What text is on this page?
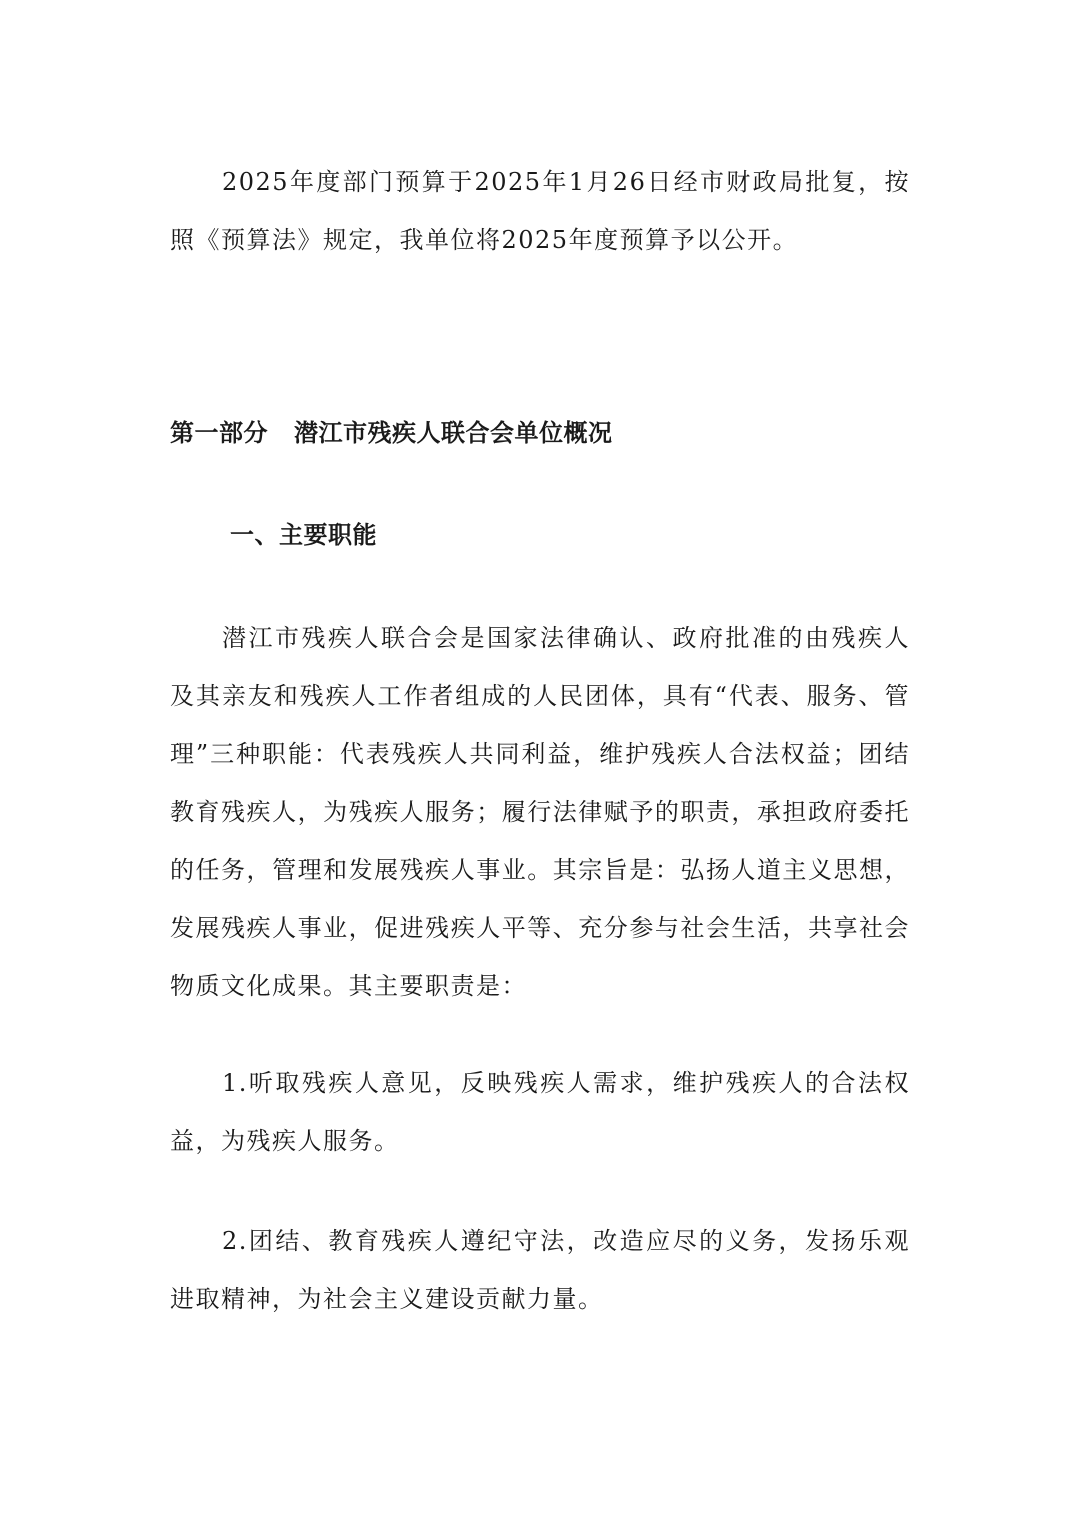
2025年度部门预算于2025年1月26日经市财政局批复，按照《预算法》规定，我单位将2025年度预算予以公开。

第一部分 潜江市残疾人联合会单位概况
一、主要职能

潜江市残疾人联合会是国家法律确认、政府批准的由残疾人及其亲友和残疾人工作者组成的人民团体，具有“代表、服务、管理”三种职能：代表残疾人共同利益，维护残疾人合法权益；团结教育残疾人，为残疾人服务；履行法律赋予的职责，承担政府委托的任务，管理和发展残疾人事业。其宗旨是：弘扬人道主义思想，发展残疾人事业，促进残疾人平等、充分参与社会生活，共享社会物质文化成果。其主要职责是：

1.听取残疾人意见，反映残疾人需求，维护残疾人的合法权益，为残疾人服务。

2.团结、教育残疾人遵纪守法，改造应尽的义务，发扬乐观进取精神，为社会主义建设贡献力量。
